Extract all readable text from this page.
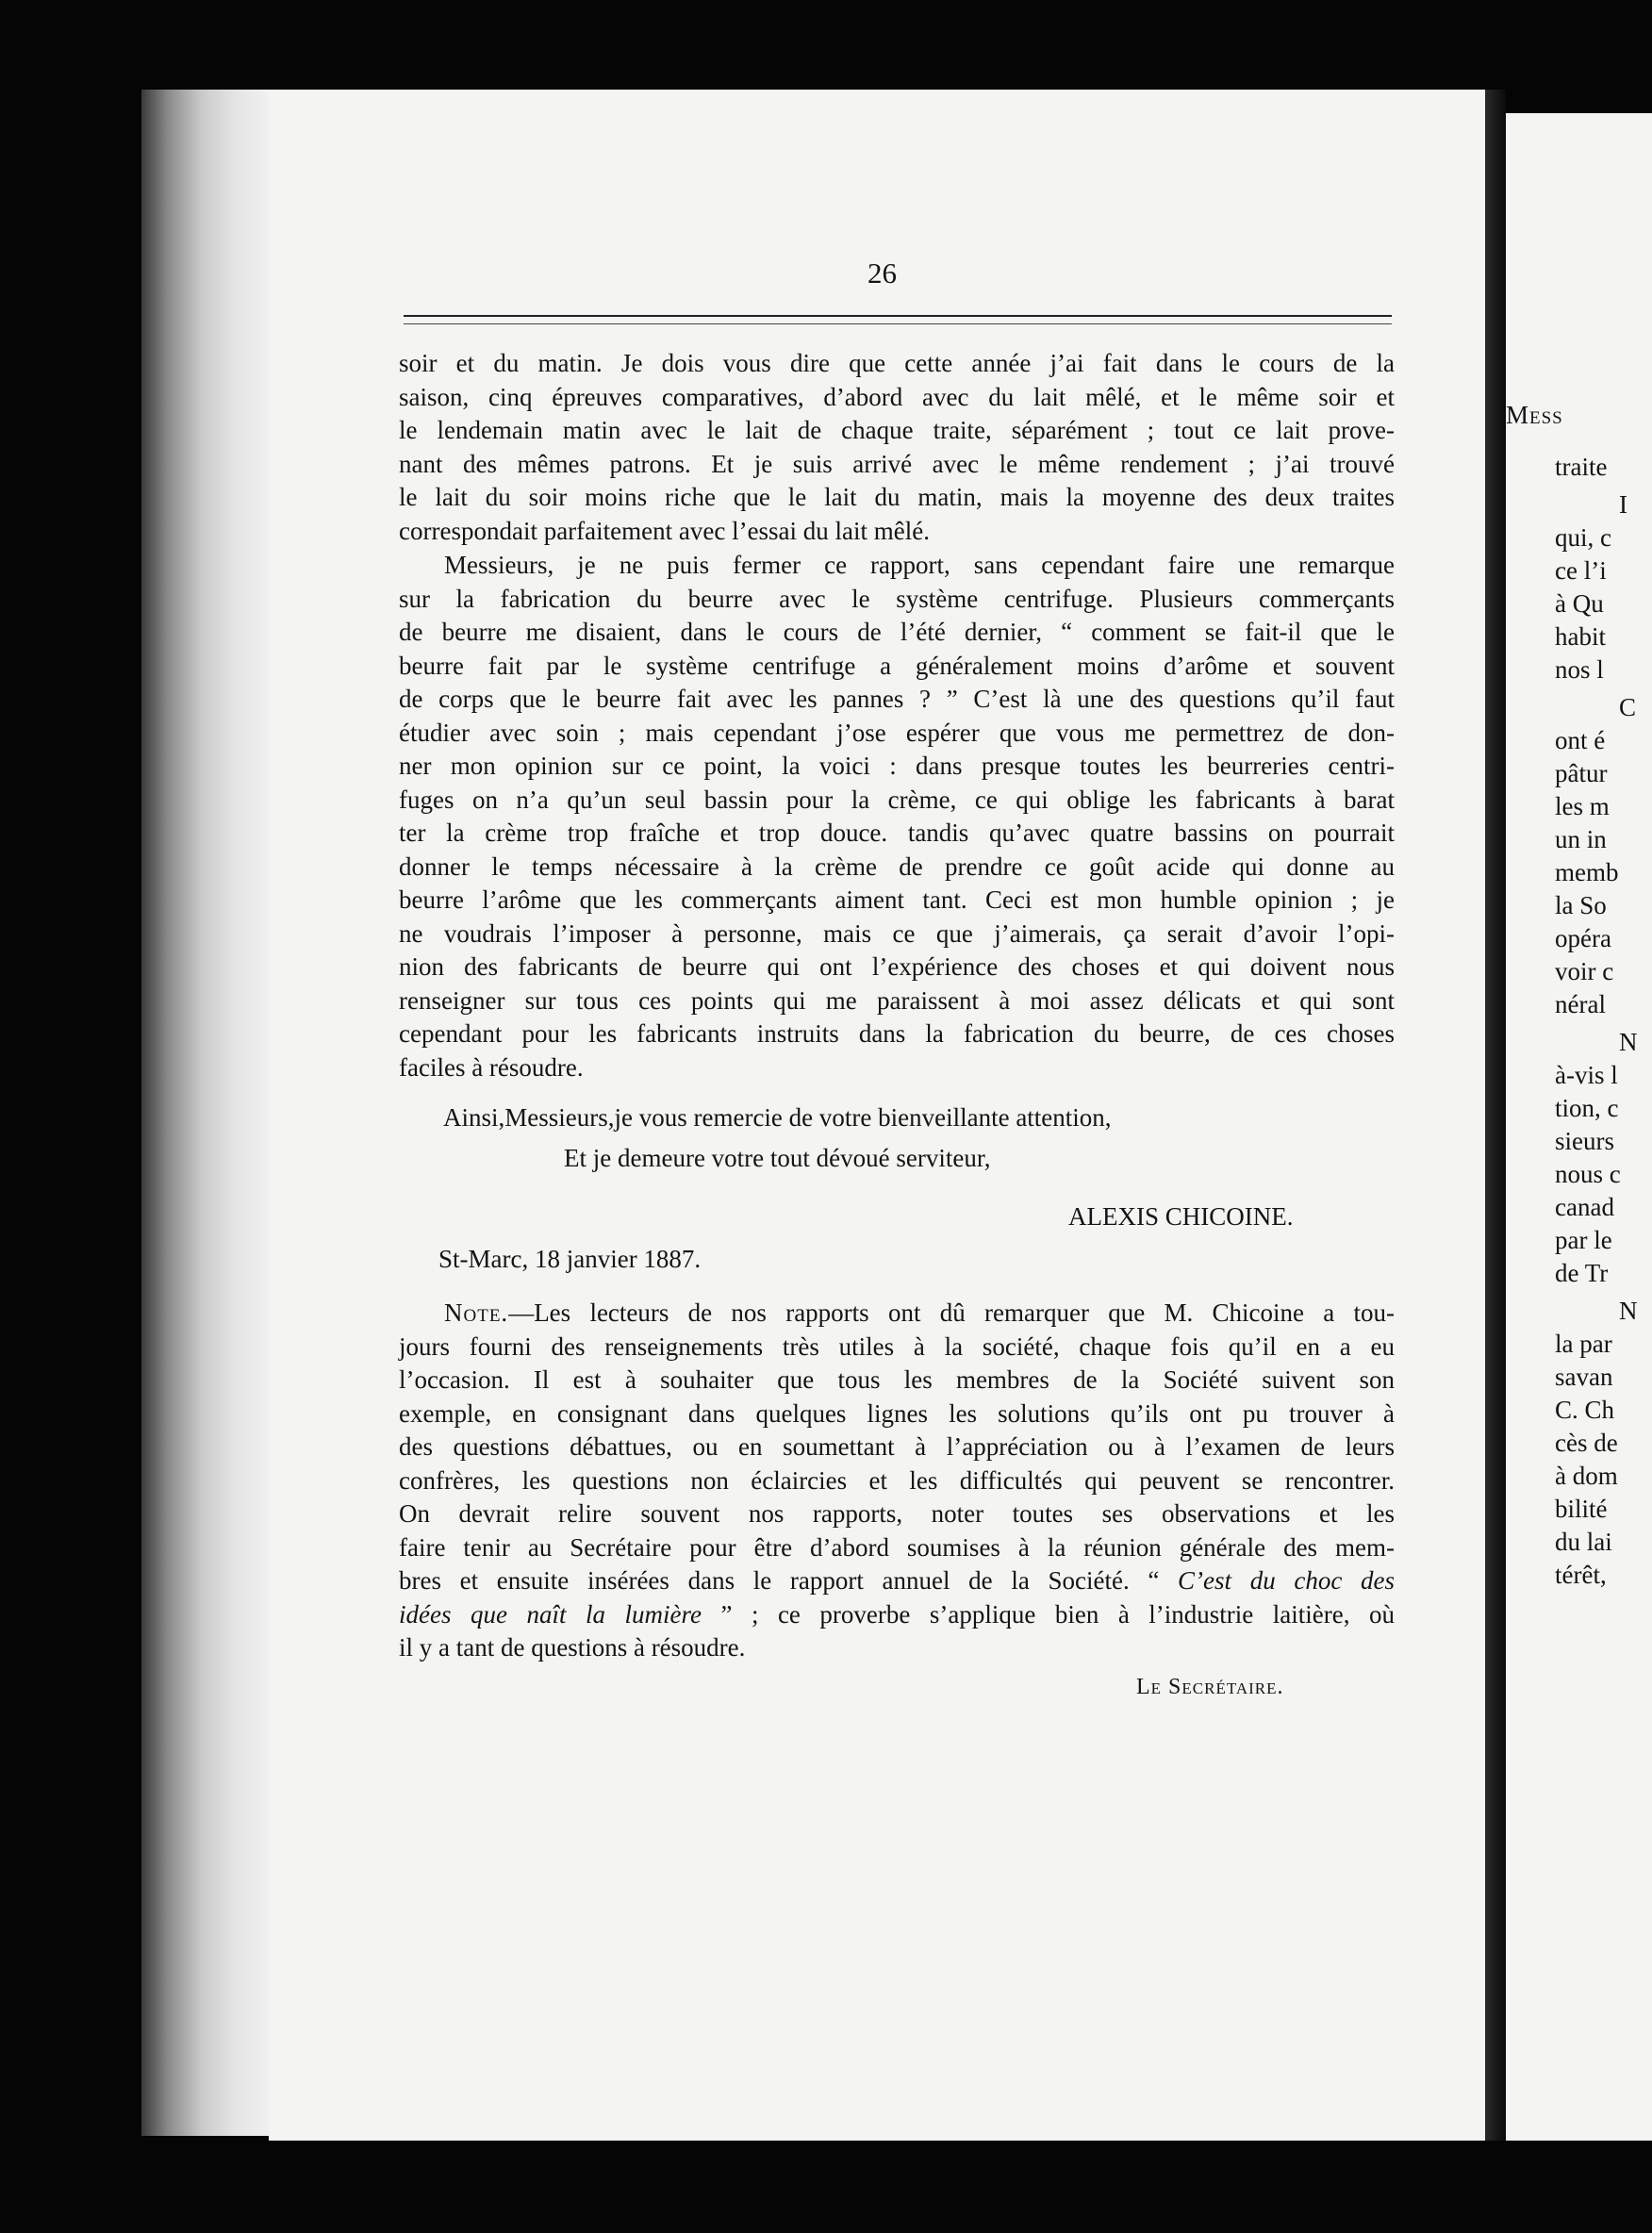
Mess
traite
I
qui, c
ce l’i
à Qu
habit
nos l
C
ont é
pâtur
les m
un in
memb
la So
opéra
voir c
néral
N
à-vis l
tion, c
sieurs
nous c
canad
par le
de Tr
N
la par
savan
C. Ch
cès de
à dom
bilité
du lai
térêt,
26
soir et du matin. Je dois vous dire que cette année j’ai fait dans le cours de la
saison, cinq épreuves comparatives, d’abord avec du lait mêlé, et le même soir et
le lendemain matin avec le lait de chaque traite, séparément ; tout ce lait prove-
nant des mêmes patrons. Et je suis arrivé avec le même rendement ; j’ai trouvé
le lait du soir moins riche que le lait du matin, mais la moyenne des deux traites
correspondait parfaitement avec l’essai du lait mêlé.
Messieurs, je ne puis fermer ce rapport, sans cependant faire une remarque
sur la fabrication du beurre avec le système centrifuge. Plusieurs commerçants
de beurre me disaient, dans le cours de l’été dernier, “ comment se fait-il que le
beurre fait par le système centrifuge a généralement moins d’arôme et souvent
de corps que le beurre fait avec les pannes ? ” C’est là une des questions qu’il faut
étudier avec soin ; mais cependant j’ose espérer que vous me permettrez de don-
ner mon opinion sur ce point, la voici : dans presque toutes les beurreries centri-
fuges on n’a qu’un seul bassin pour la crème, ce qui oblige les fabricants à barat
ter la crème trop fraîche et trop douce. tandis qu’avec quatre bassins on pourrait
donner le temps nécessaire à la crème de prendre ce goût acide qui donne au
beurre l’arôme que les commerçants aiment tant. Ceci est mon humble opinion ; je
ne voudrais l’imposer à personne, mais ce que j’aimerais, ça serait d’avoir l’opi-
nion des fabricants de beurre qui ont l’expérience des choses et qui doivent nous
renseigner sur tous ces points qui me paraissent à moi assez délicats et qui sont
cependant pour les fabricants instruits dans la fabrication du beurre, de ces choses
faciles à résoudre.

Ainsi,Messieurs,je vous remercie de votre bienveillante attention,

Et je demeure votre tout dévoué serviteur,

ALEXIS CHICOINE.

St-Marc, 18 janvier 1887.

Note.—Les lecteurs de nos rapports ont dû remarquer que M. Chicoine a tou-
jours fourni des renseignements très utiles à la société, chaque fois qu’il en a eu
l’occasion. Il est à souhaiter que tous les membres de la Société suivent son
exemple, en consignant dans quelques lignes les solutions qu’ils ont pu trouver à
des questions débattues, ou en soumettant à l’appréciation ou à l’examen de leurs
confrères, les questions non éclaircies et les difficultés qui peuvent se rencontrer.
On devrait relire souvent nos rapports, noter toutes ses observations et les
faire tenir au Secrétaire pour être d’abord soumises à la réunion générale des mem-
bres et ensuite insérées dans le rapport annuel de la Société. “ C’est du choc des
idées que naît la lumière ” ; ce proverbe s’applique bien à l’industrie laitière, où
il y a tant de questions à résoudre.

Le Secrétaire.
